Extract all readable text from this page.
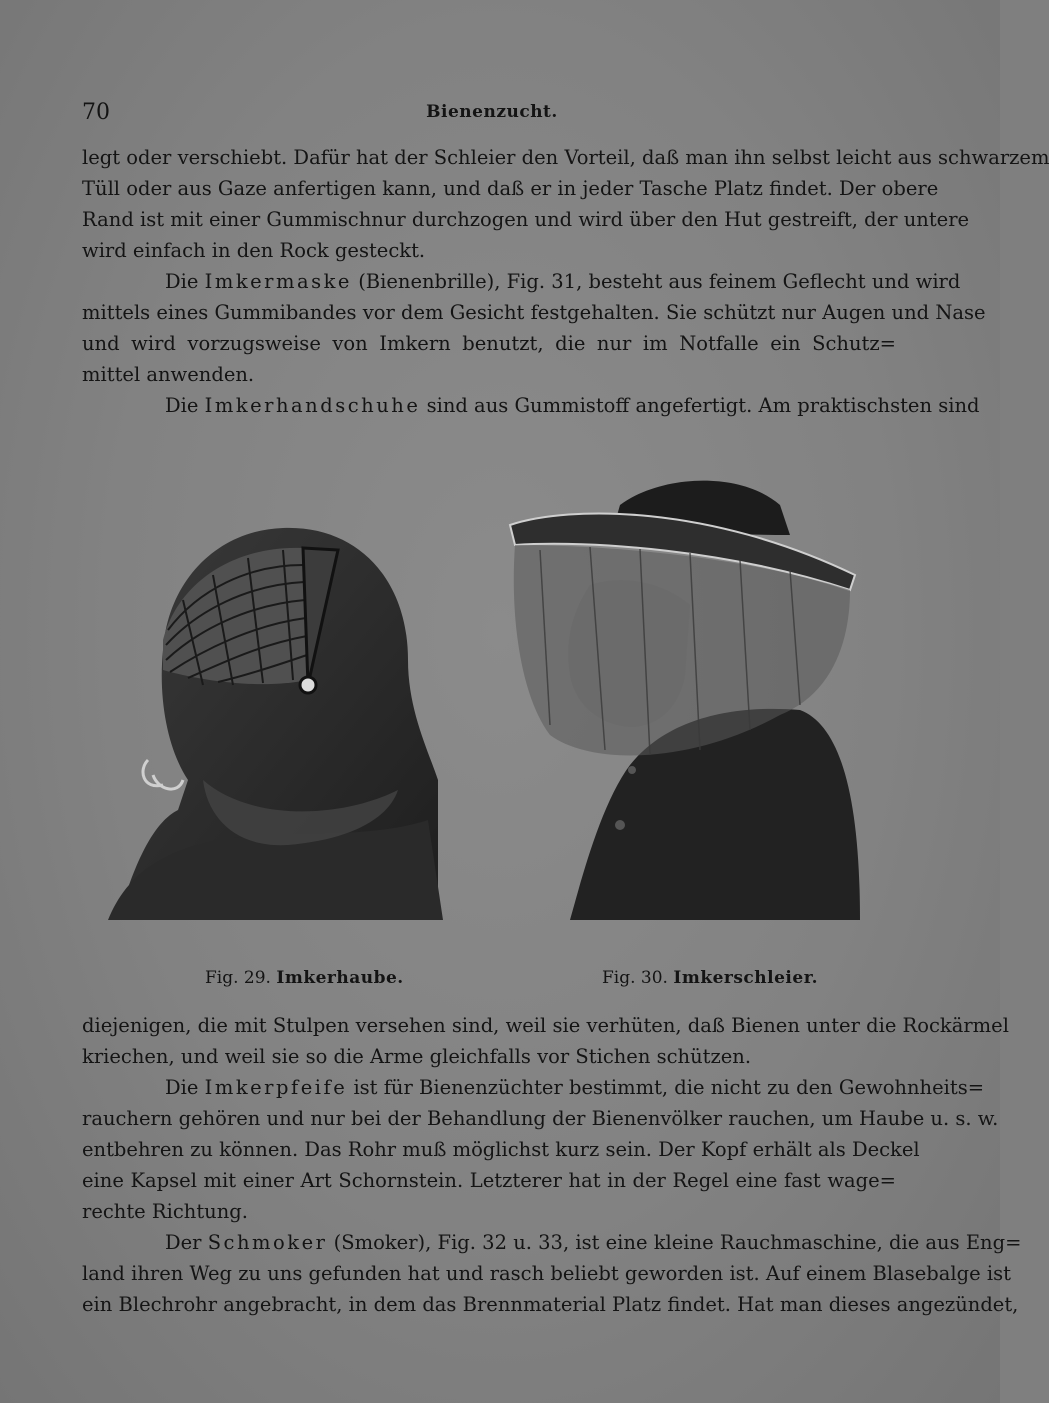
70	Bienenzucht.
legt oder verschiebt. Dafür hat der Schleier den Vorteil, daß man ihn selbst leicht aus schwarzem
Tüll oder aus Gaze anfertigen kann, und daß er in jeder Tasche Platz findet. Der obere
Rand ist mit einer Gummischnur durchzogen und wird über den Hut gestreift, der untere
wird einfach in den Rock gesteckt.
Die Imkermaske (Bienenbrille), Fig. 31, besteht aus feinem Geflecht und wird
mittels eines Gummibandes vor dem Gesicht festgehalten. Sie schützt nur Augen und Nase
und wird vorzugsweise von Imkern benutzt, die nur im Notfalle ein Schutz=
mittel anwenden.
Die Imkerhandschuhe sind aus Gummistoff angefertigt. Am praktischsten sind
Fig. 29. Imkerhaube.	Fig. 30. Imkerschleier.
diejenigen, die mit Stulpen versehen sind, weil sie verhüten, daß Bienen unter die Rockärmel
kriechen, und weil sie so die Arme gleichfalls vor Stichen schützen.
Die Imkerpfeife ist für Bienenzüchter bestimmt, die nicht zu den Gewohnheits=
rauchern gehören und nur bei der Behandlung der Bienenvölker rauchen, um Haube u. s. w.
entbehren zu können. Das Rohr muß möglichst kurz sein. Der Kopf erhält als Deckel
eine Kapsel mit einer Art Schornstein. Letzterer hat in der Regel eine fast wage=
rechte Richtung.
Der Schmoker (Smoker), Fig. 32 u. 33, ist eine kleine Rauchmaschine, die aus Eng=
land ihren Weg zu uns gefunden hat und rasch beliebt geworden ist. Auf einem Blasebalge ist
ein Blechrohr angebracht, in dem das Brennmaterial Platz findet. Hat man dieses angezündet,
